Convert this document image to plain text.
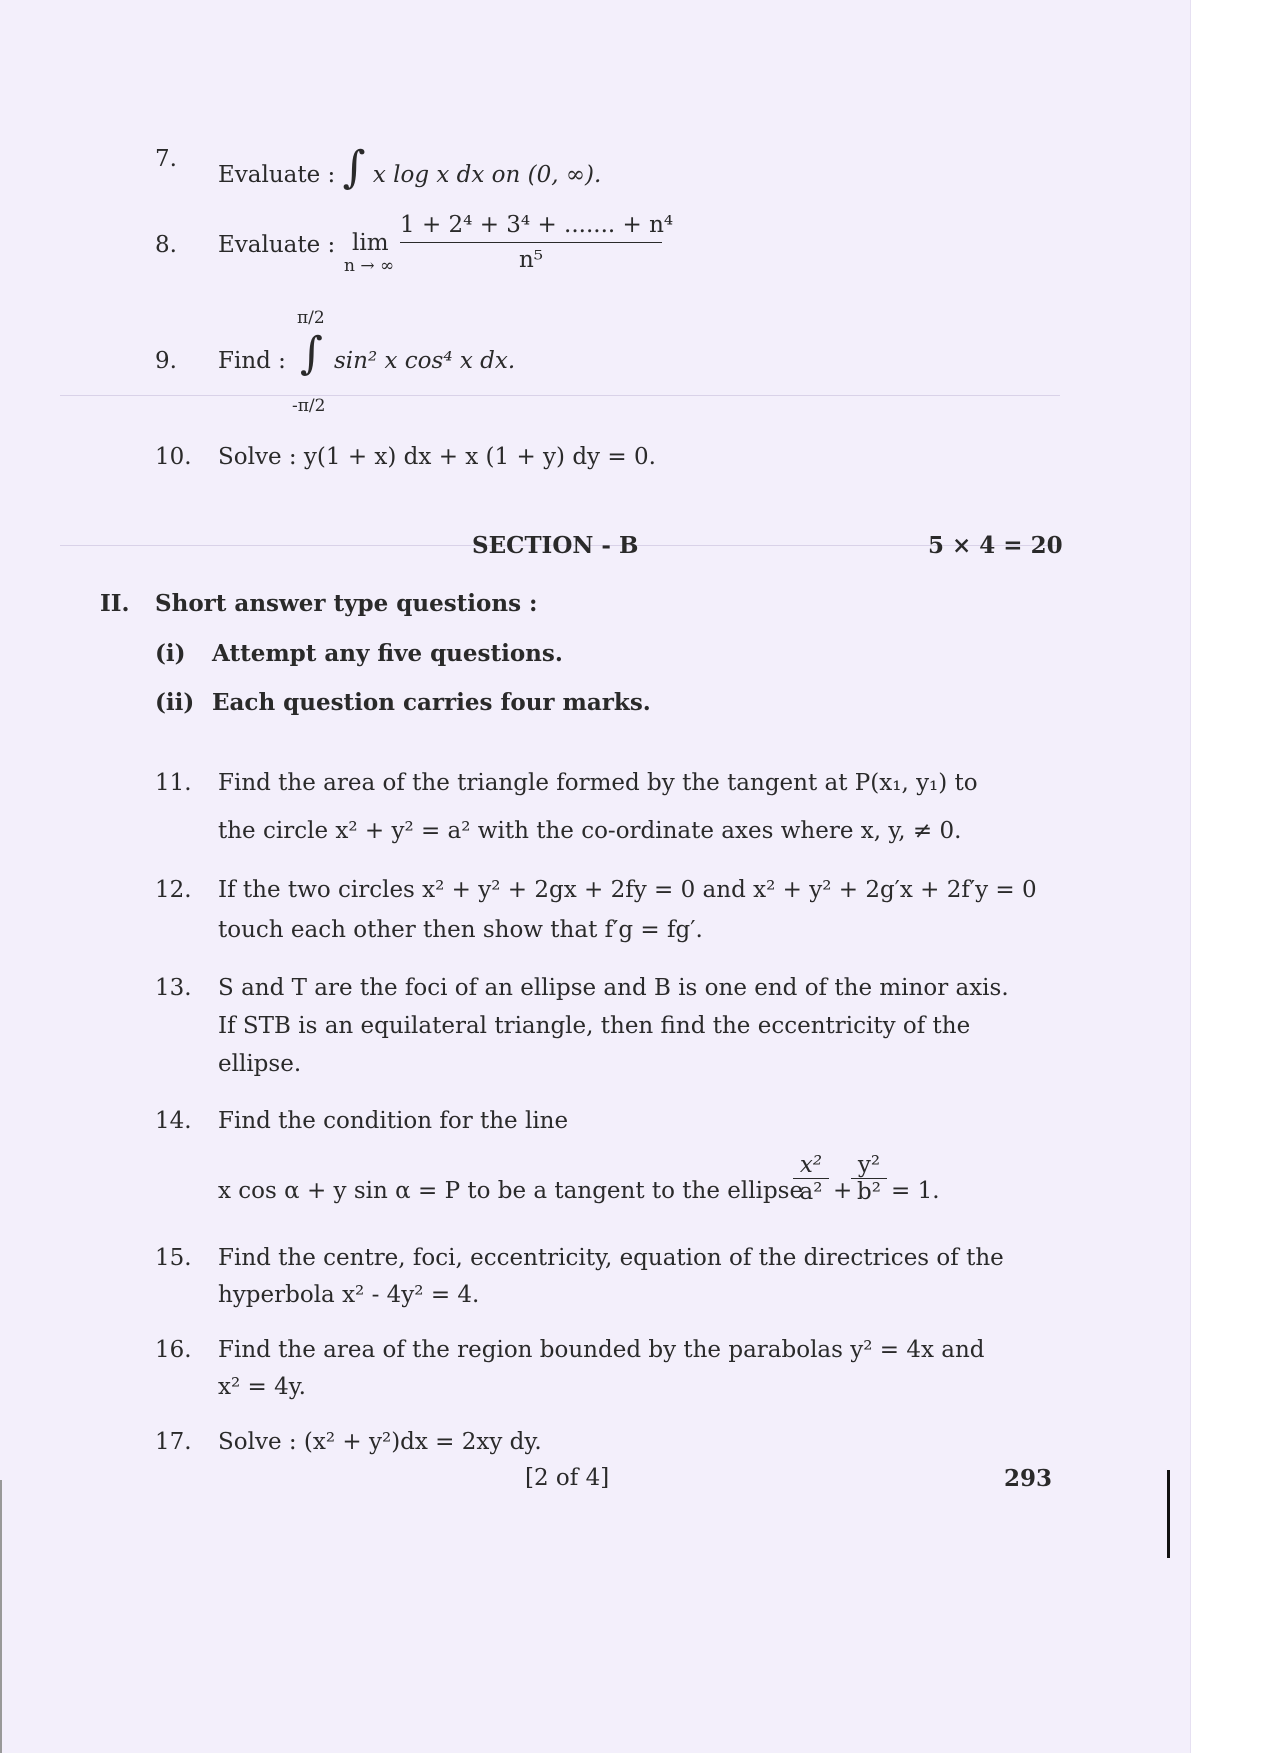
7.
Evaluate : ∫ x log x dx on (0, ∞).
8. Evaluate : lim
n → ∞ $\frac{\text{1 + 2⁴ + 3⁴ + ....... + n⁴}}{\text{n⁵}}$
π/2
9. Find : ∫ sin² x cos⁴ x dx.
-π/2
10. Solve : y(1 + x) dx + x (1 + y) dy = 0.
SECTION - B	5 × 4 = 20
II. Short answer type questions :
(i) Attempt any five questions.
(ii) Each question carries four marks.
11. Find the area of the triangle formed by the tangent at P(x₁, y₁) to
the circle x² + y² = a² with the co-ordinate axes where x, y, ≠ 0.
12. If the two circles x² + y² + 2gx + 2fy = 0 and x² + y² + 2g′x + 2f′y = 0
touch each other then show that f′g = fg′.
13. S and T are the foci of an ellipse and B is one end of the minor axis.
If STB is an equilateral triangle, then find the eccentricity of the
ellipse.
14. Find the condition for the line
x cos α + y sin α = P to be a tangent to the ellipse
$\frac{\text{x²}}{\text{a²}}$ +
$\frac{\text{y²}}{\text{b²}} = 1$.
15. Find the centre, foci, eccentricity, equation of the directrices of the
hyperbola x² - 4y² = 4.
16. Find the area of the region bounded by the parabolas y² = 4x and
x² = 4y.
17. Solve : (x² + y²)dx = 2xy dy.
[2 of 4]	293
